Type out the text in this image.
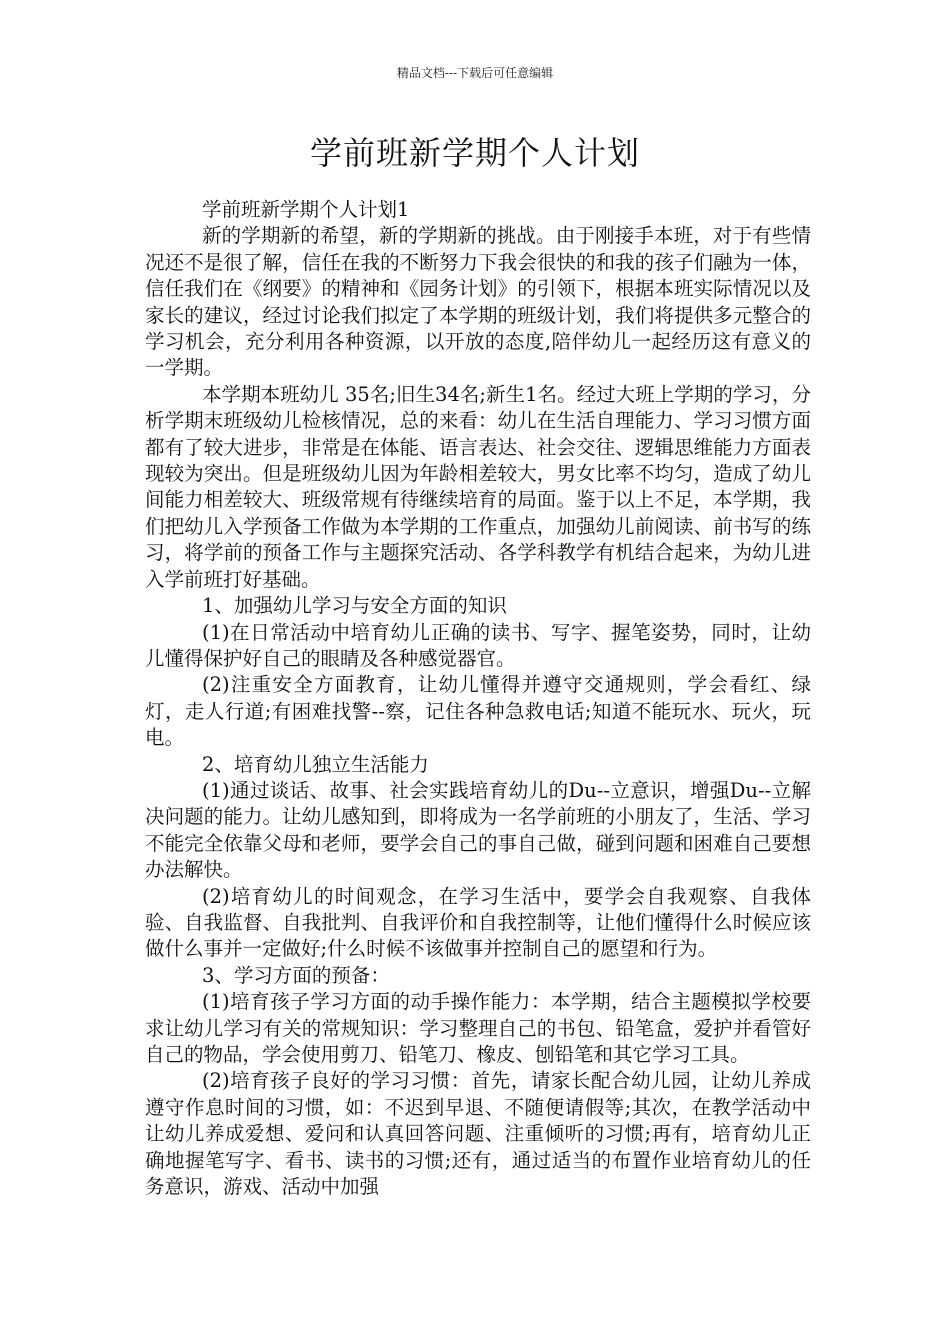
精品文档---下载后可任意编辑
学前班新学期个人计划

学前班新学期个人计划1

新的学期新的希望，新的学期新的挑战。由于刚接手本班，对于有些情况还不是很了解，信任在我的不断努力下我会很快的和我的孩子们融为一体，信任我们在《纲要》的精神和《园务计划》的引领下，根据本班实际情况以及家长的建议，经过讨论我们拟定了本学期的班级计划，我们将提供多元整合的学习机会，充分利用各种资源，以开放的态度,陪伴幼儿一起经历这有意义的一学期。

本学期本班幼儿 35名;旧生34名;新生1名。经过大班上学期的学习，分析学期末班级幼儿检核情况，总的来看：幼儿在生活自理能力、学习习惯方面都有了较大进步，非常是在体能、语言表达、社会交往、逻辑思维能力方面表现较为突出。但是班级幼儿因为年龄相差较大，男女比率不均匀，造成了幼儿间能力相差较大、班级常规有待继续培育的局面。鉴于以上不足，本学期，我们把幼儿入学预备工作做为本学期的工作重点，加强幼儿前阅读、前书写的练习，将学前的预备工作与主题探究活动、各学科教学有机结合起来，为幼儿进入学前班打好基础。

1、加强幼儿学习与安全方面的知识

(1)在日常活动中培育幼儿正确的读书、写字、握笔姿势，同时，让幼儿懂得保护好自己的眼睛及各种感觉器官。

(2)注重安全方面教育，让幼儿懂得并遵守交通规则，学会看红、绿灯，走人行道;有困难找警--察，记住各种急救电话;知道不能玩水、玩火，玩电。

2、培育幼儿独立生活能力

(1)通过谈话、故事、社会实践培育幼儿的Du--立意识，增强Du--立解决问题的能力。让幼儿感知到，即将成为一名学前班的小朋友了，生活、学习不能完全依靠父母和老师，要学会自己的事自己做，碰到问题和困难自己要想办法解快。

(2)培育幼儿的时间观念，在学习生活中，要学会自我观察、自我体验、自我监督、自我批判、自我评价和自我控制等，让他们懂得什么时候应该做什么事并一定做好;什么时候不该做事并控制自己的愿望和行为。

3、学习方面的预备：

(1)培育孩子学习方面的动手操作能力：本学期，结合主题模拟学校要求让幼儿学习有关的常规知识：学习整理自己的书包、铅笔盒，爱护并看管好自己的物品，学会使用剪刀、铅笔刀、橡皮、刨铅笔和其它学习工具。

(2)培育孩子良好的学习习惯：首先，请家长配合幼儿园，让幼儿养成遵守作息时间的习惯，如：不迟到早退、不随便请假等;其次，在教学活动中让幼儿养成爱想、爱问和认真回答问题、注重倾听的习惯;再有，培育幼儿正确地握笔写字、看书、读书的习惯;还有，通过适当的布置作业培育幼儿的任务意识，游戏、活动中加强
